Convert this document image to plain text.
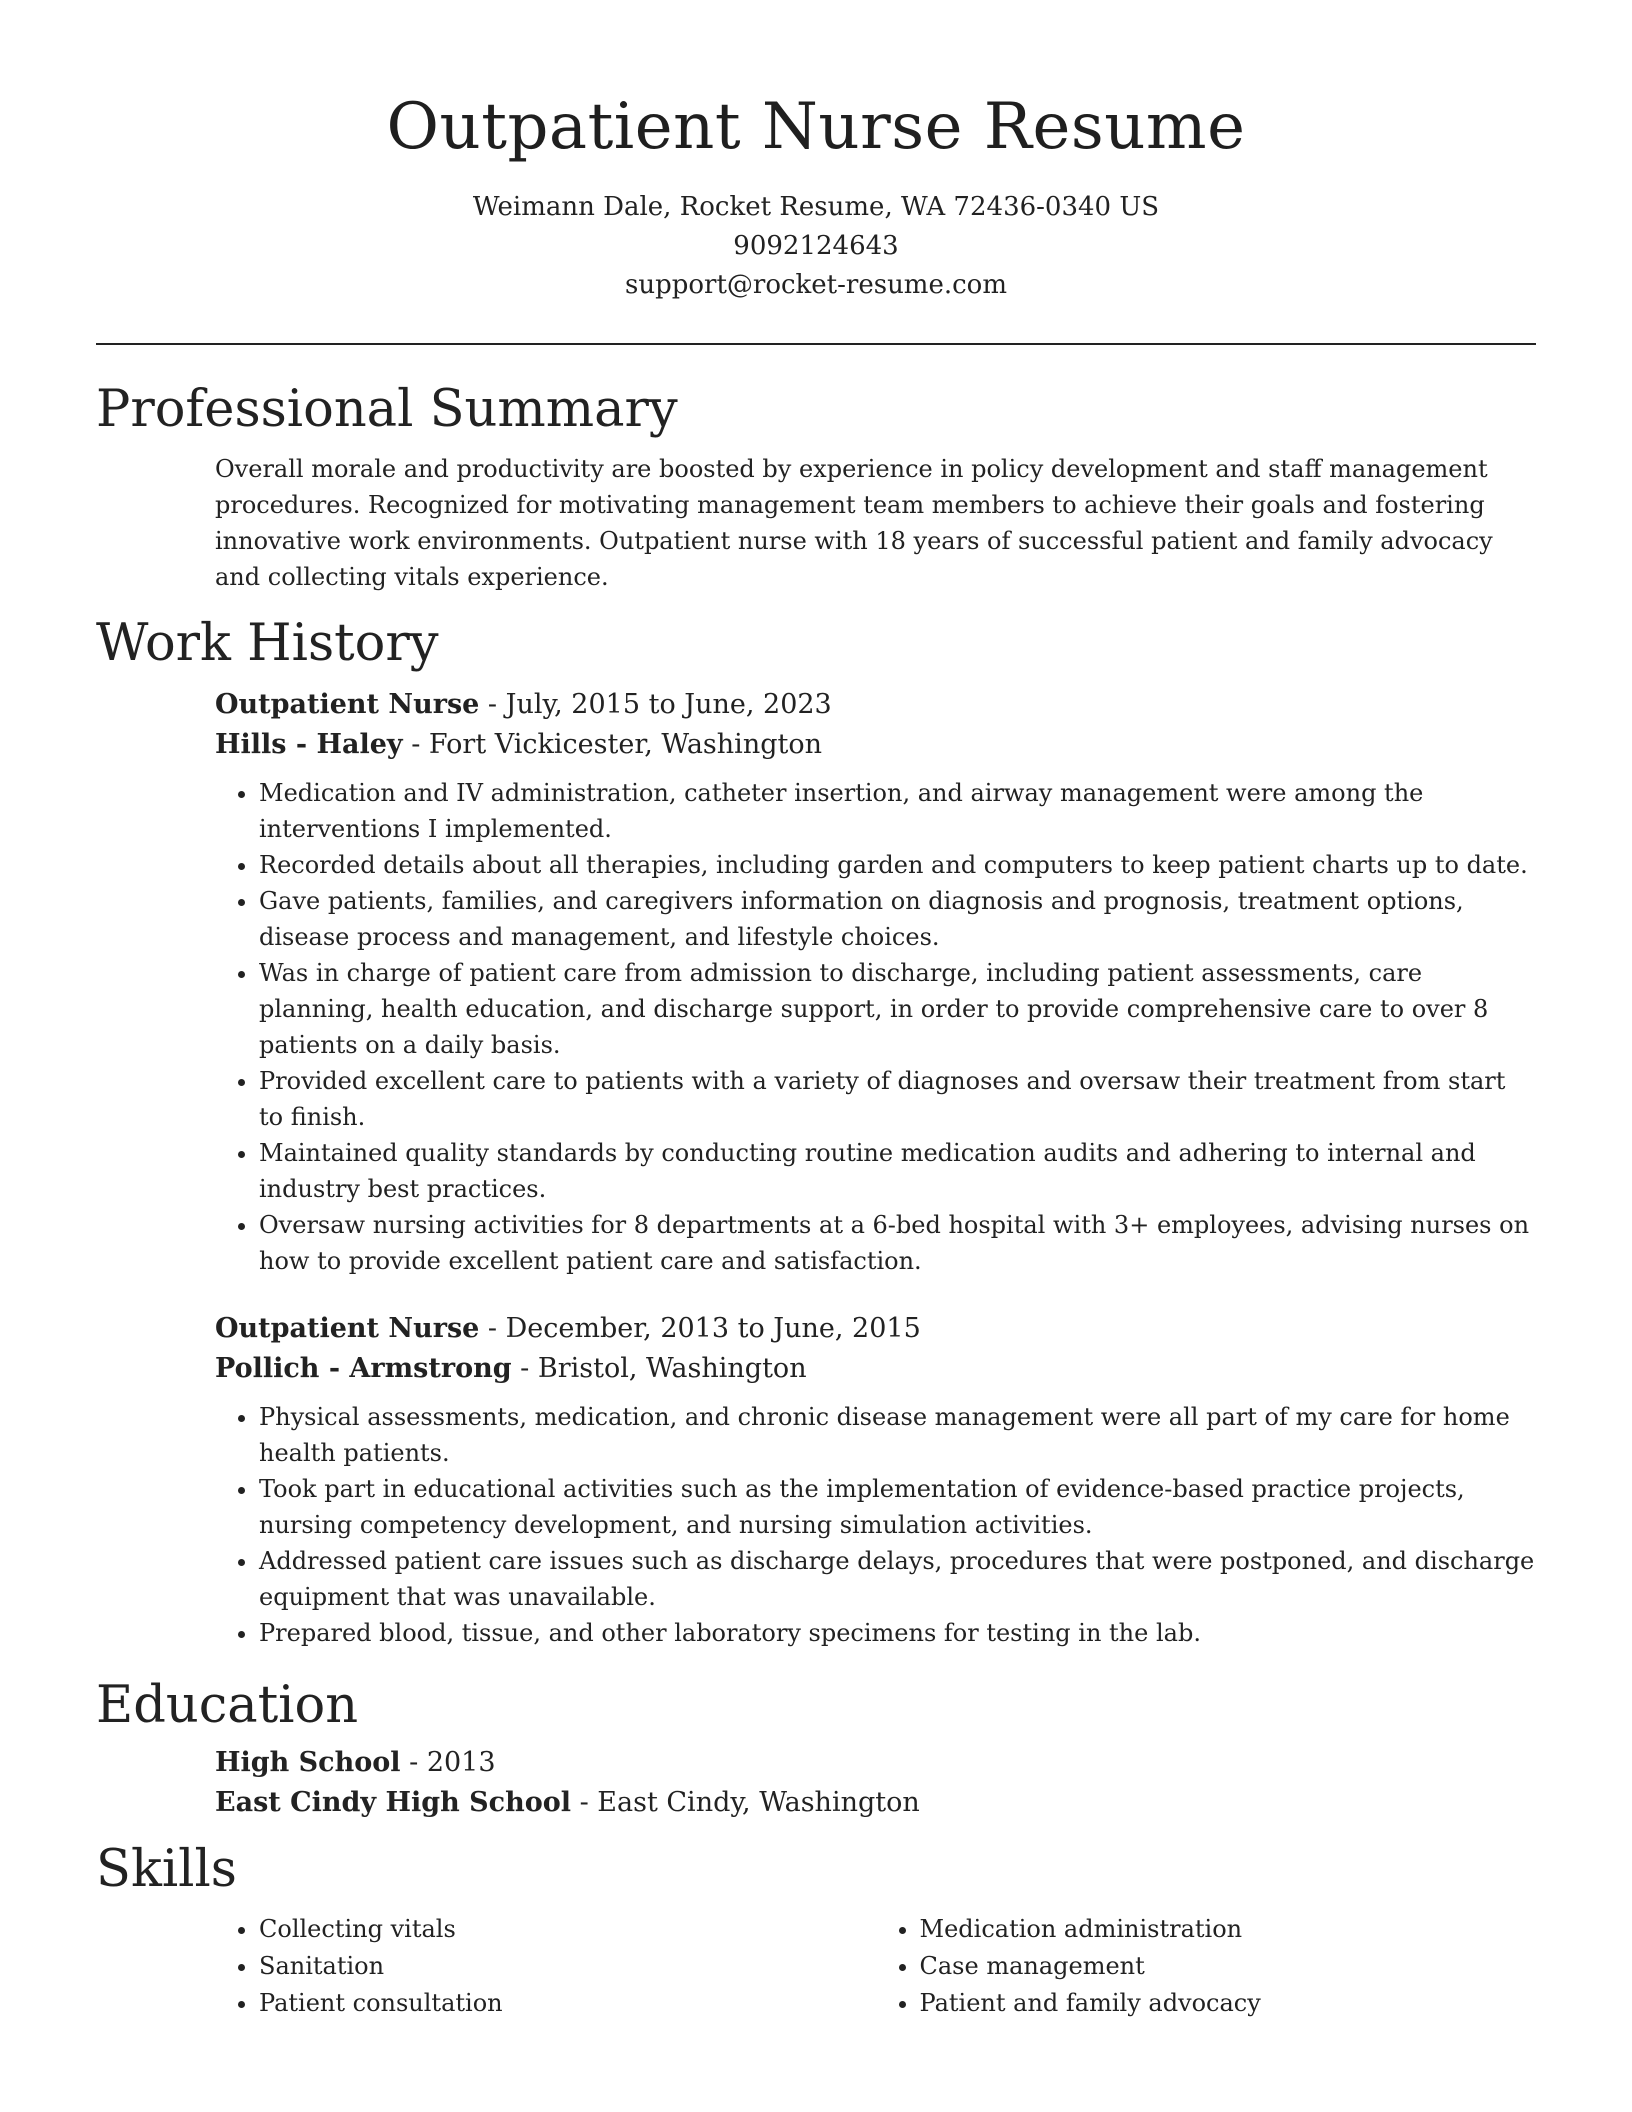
Outpatient Nurse Resume
Weimann Dale, Rocket Resume, WA 72436-0340 US
9092124643
support@rocket-resume.com
Professional Summary

Overall morale and productivity are boosted by experience in policy development and staff management procedures. Recognized for motivating management team members to achieve their goals and fostering innovative work environments. Outpatient nurse with 18 years of successful patient and family advocacy and collecting vitals experience.

Work History

Outpatient Nurse - July, 2015 to June, 2023

Hills - Haley - Fort Vickicester, Washington

• Medication and IV administration, catheter insertion, and airway management were among the interventions I implemented.
• Recorded details about all therapies, including garden and computers to keep patient charts up to date.
• Gave patients, families, and caregivers information on diagnosis and prognosis, treatment options, disease process and management, and lifestyle choices.
• Was in charge of patient care from admission to discharge, including patient assessments, care planning, health education, and discharge support, in order to provide comprehensive care to over 8 patients on a daily basis.
• Provided excellent care to patients with a variety of diagnoses and oversaw their treatment from start to finish.
• Maintained quality standards by conducting routine medication audits and adhering to internal and industry best practices.
• Oversaw nursing activities for 8 departments at a 6-bed hospital with 3+ employees, advising nurses on how to provide excellent patient care and satisfaction.

Outpatient Nurse - December, 2013 to June, 2015

Pollich - Armstrong - Bristol, Washington

• Physical assessments, medication, and chronic disease management were all part of my care for home health patients.
• Took part in educational activities such as the implementation of evidence-based practice projects, nursing competency development, and nursing simulation activities.
• Addressed patient care issues such as discharge delays, procedures that were postponed, and discharge equipment that was unavailable.
• Prepared blood, tissue, and other laboratory specimens for testing in the lab.
Education

High School - 2013

East Cindy High School - East Cindy, Washington

Skills
• Collecting vitals
• Sanitation
• Patient consultation
• Medication administration
• Case management
• Patient and family advocacy
